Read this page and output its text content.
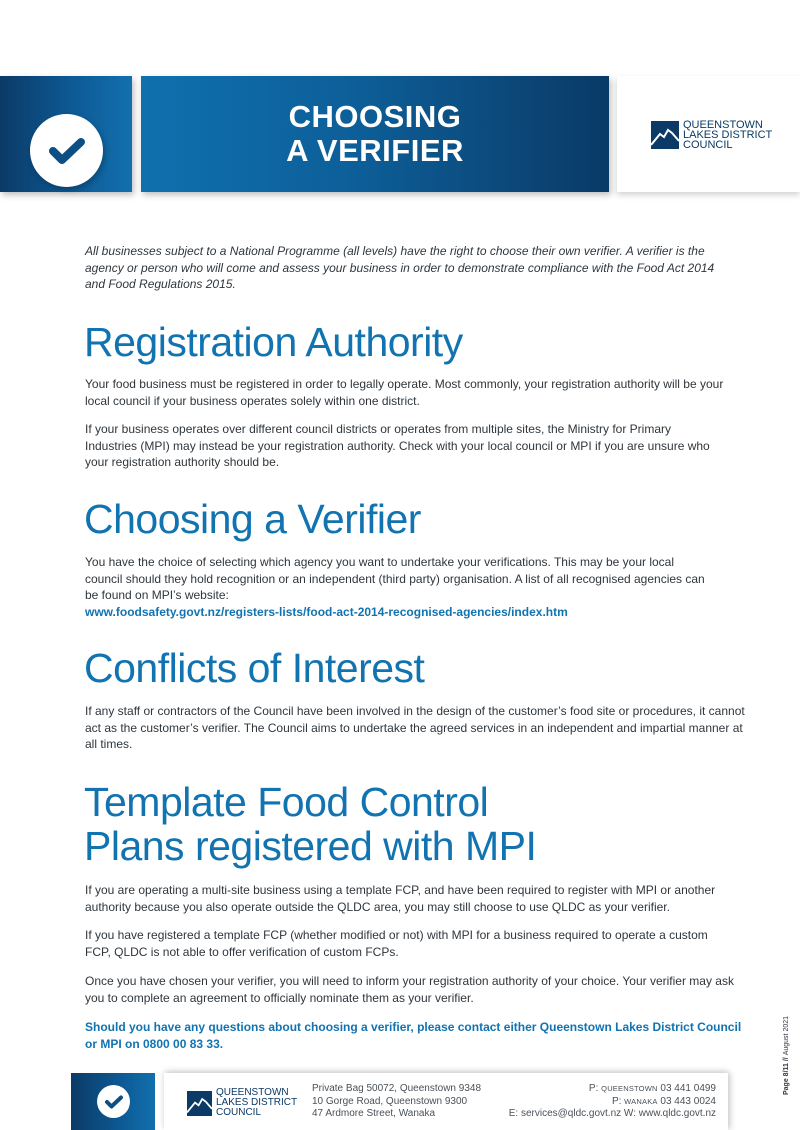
CHOOSING
A VERIFIER
QUEENSTOWN
LAKES DISTRICT
COUNCIL

All businesses subject to a National Programme (all levels) have the right to choose their own verifier. A verifier is the agency or person who will come and assess your business in order to demonstrate compliance with the Food Act 2014 and Food Regulations 2015.

Registration Authority

Your food business must be registered in order to legally operate. Most commonly, your registration authority will be your local council if your business operates solely within one district.

If your business operates over different council districts or operates from multiple sites, the Ministry for Primary Industries (MPI) may instead be your registration authority. Check with your local council or MPI if you are unsure who your registration authority should be.

Choosing a Verifier
You have the choice of selecting which agency you want to undertake your verifications. This may be your local council should they hold recognition or an independent (third party) organisation. A list of all recognised agencies can be found on MPI’s website:
www.foodsafety.govt.nz/registers-lists/food-act-2014-recognised-agencies/index.htm
Conflicts of Interest

If any staff or contractors of the Council have been involved in the design of the customer’s food site or procedures, it cannot act as the customer’s verifier. The Council aims to undertake the agreed services in an independent and impartial manner at all times.

Template Food Control
Plans registered with MPI

If you are operating a multi-site business using a template FCP, and have been required to register with MPI or another authority because you also operate outside the QLDC area, you may still choose to use QLDC as your verifier.

If you have registered a template FCP (whether modified or not) with MPI for a business required to operate a custom FCP, QLDC is not able to offer verification of custom FCPs.

Once you have chosen your verifier, you will need to inform your registration authority of your choice. Your verifier may ask you to complete an agreement to officially nominate them as your verifier.

Should you have any questions about choosing a verifier, please contact either Queenstown Lakes District Council or MPI on 0800 00 83 33.

QUEENSTOWN
LAKES DISTRICT
COUNCIL
Private Bag 50072, Queenstown 9348
10 Gorge Road, Queenstown 9300
47 Ardmore Street, Wanaka
P: QUEENSTOWN 03 441 0499
P: WANAKA 03 443 0024
E: services@qldc.govt.nz W: www.qldc.govt.nz
Page 8/11 // August 2021
